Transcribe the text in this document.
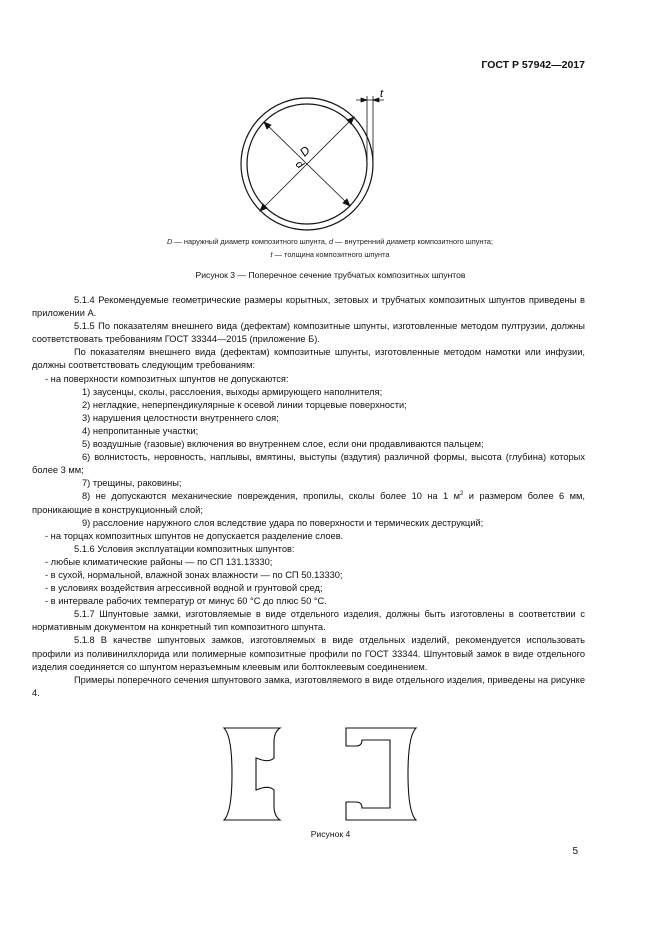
ГОСТ Р 57942—2017
D
d
t
D — наружный диаметр композитного шпунта, d — внутренний диаметр композитного шпунта;
t — толщина композитного шпунта
Рисунок 3 — Поперечное сечение трубчатых композитных шпунтов

5.1.4 Рекомендуемые геометрические размеры корытных, зетовых и трубчатых композитных шпунтов приведены в приложении А.

5.1.5 По показателям внешнего вида (дефектам) композитные шпунты, изготовленные методом пултрузии, должны соответствовать требованиям ГОСТ 33344—2015 (приложение Б).

По показателям внешнего вида (дефектам) композитные шпунты, изготовленные методом намотки или инфузии, должны соответствовать следующим требованиям:

- на поверхности композитных шпунтов не допускаются:

1) заусенцы, сколы, расслоения, выходы армирующего наполнителя;

2) негладкие, неперпендикулярные к осевой линии торцевые поверхности;

3) нарушения целостности внутреннего слоя;

4) непропитанные участки;

5) воздушные (газовые) включения во внутреннем слое, если они продавливаются пальцем;

6) волнистость, неровность, наплывы, вмятины, выступы (вздутия) различной формы, высота (глубина) которых более 3 мм;

7) трещины, раковины;

8) не допускаются механические повреждения, пропилы, сколы более 10 на 1 $м^2$ и размером более 6 мм, проникающие в конструкционный слой;

9) расслоение наружного слоя вследствие удара по поверхности и термических деструкций;

- на торцах композитных шпунтов не допускается разделение слоев.

5.1.6 Условия эксплуатации композитных шпунтов:

- любые климатические районы — по СП 131.13330;

- в сухой, нормальной, влажной зонах влажности — по СП 50.13330;

- в условиях воздействия агрессивной водной и грунтовой сред;

- в интервале рабочих температур от минус 60 °С до плюс 50 °С.

5.1.7 Шпунтовые замки, изготовляемые в виде отдельного изделия, должны быть изготовлены в соответствии с нормативным документом на конкретный тип композитного шпунта.

5.1.8 В качестве шпунтовых замков, изготовляемых в виде отдельных изделий, рекомендуется использовать профили из поливинилхлорида или полимерные композитные профили по ГОСТ 33344. Шпунтовый замок в виде отдельного изделия соединяется со шпунтом неразъемным клеевым или болтоклеевым соединением.

Примеры поперечного сечения шпунтового замка, изготовляемого в виде отдельного изделия, приведены на рисунке 4.

Рисунок 4
5
